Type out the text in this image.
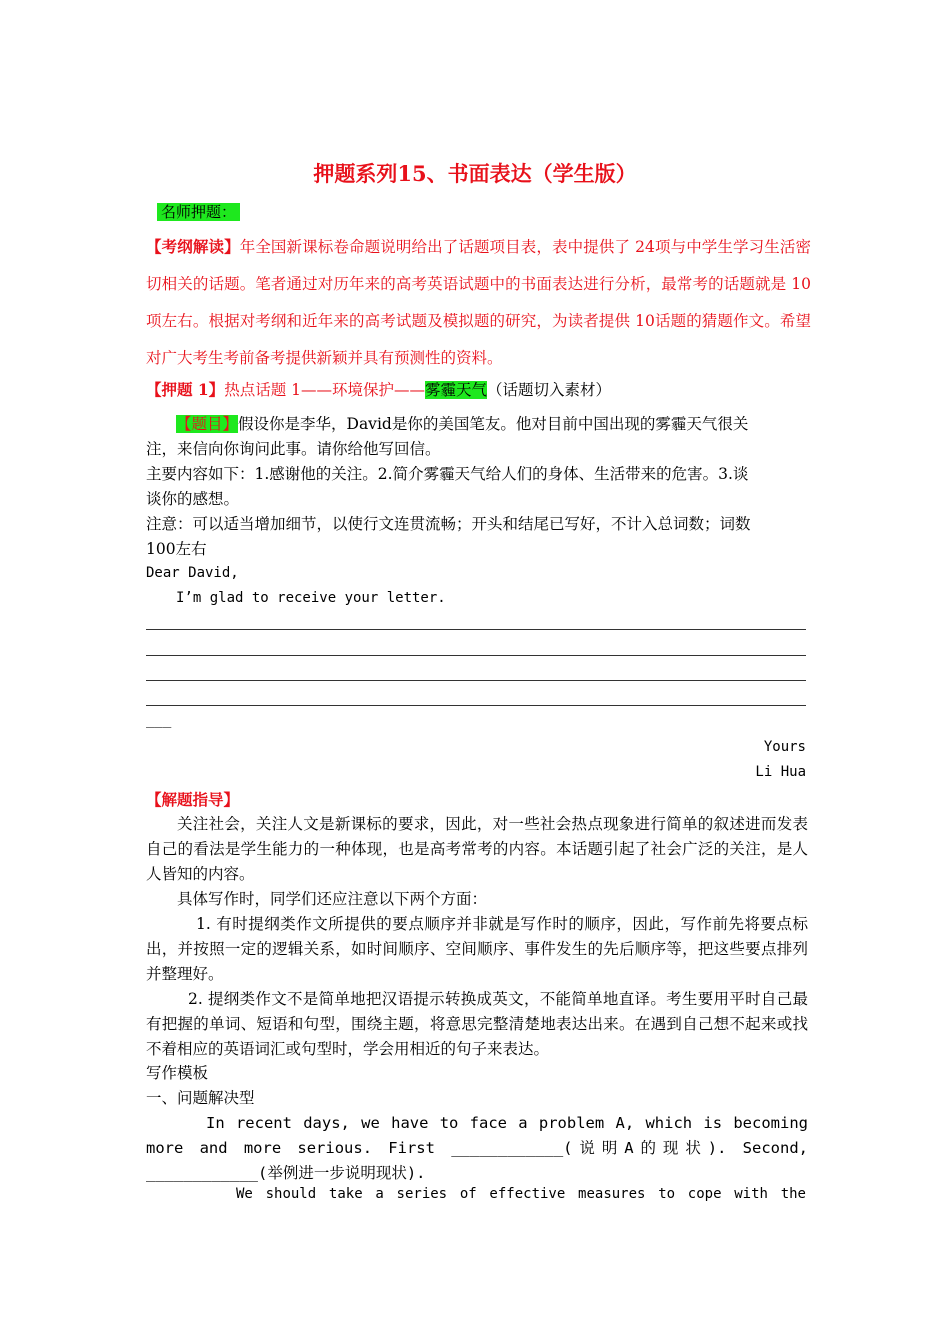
押题系列15、书面表达（学生版）
名师押题：
【考纲解读】年全国新课标卷命题说明给出了话题项目表，表中提供了 24项与中学生学习生活密切相关的话题。笔者通过对历年来的高考英语试题中的书面表达进行分析，最常考的话题就是 10项左右。根据对考纲和近年来的高考试题及模拟题的研究，为读者提供 10话题的猜题作文。希望对广大考生考前备考提供新颖并具有预测性的资料。
【押题 1】热点话题 1——环境保护——雾霾天气（话题切入素材）
【题目】假设你是李华，David是你的美国笔友。他对目前中国出现的雾霾天气很关
注，来信向你询问此事。请你给他写回信。
主要内容如下：1.感谢他的关注。2.简介雾霾天气给人们的身体、生活带来的危害。3.谈
谈你的感想。
注意：可以适当增加细节，以使行文连贯流畅；开头和结尾已写好，不计入总词数；词数
100左右
Dear David,
I’m glad to receive your letter.
___
Yours
Li Hua
【解题指导】
关注社会，关注人文是新课标的要求，因此，对一些社会热点现象进行简单的叙述进而发表自己的看法是学生能力的一种体现，也是高考常考的内容。本话题引起了社会广泛的关注，是人人皆知的内容。
具体写作时，同学们还应注意以下两个方面：
1. 有时提纲类作文所提供的要点顺序并非就是写作时的顺序，因此，写作前先将要点标出，并按照一定的逻辑关系，如时间顺序、空间顺序、事件发生的先后顺序等，把这些要点排列并整理好。
2. 提纲类作文不是简单地把汉语提示转换成英文，不能简单地直译。考生要用平时自己最有把握的单词、短语和句型，围绕主题，将意思完整清楚地表达出来。在遇到自己想不起来或找不着相应的英语词汇或句型时，学会用相近的句子来表达。
写作模板
一、问题解决型
In recent days, we have to face a problem A, which is becoming more and more serious. First ____________(说明A的现状). Second, ____________(举例进一步说明现状).
We should take a series of effective measures to cope with the
